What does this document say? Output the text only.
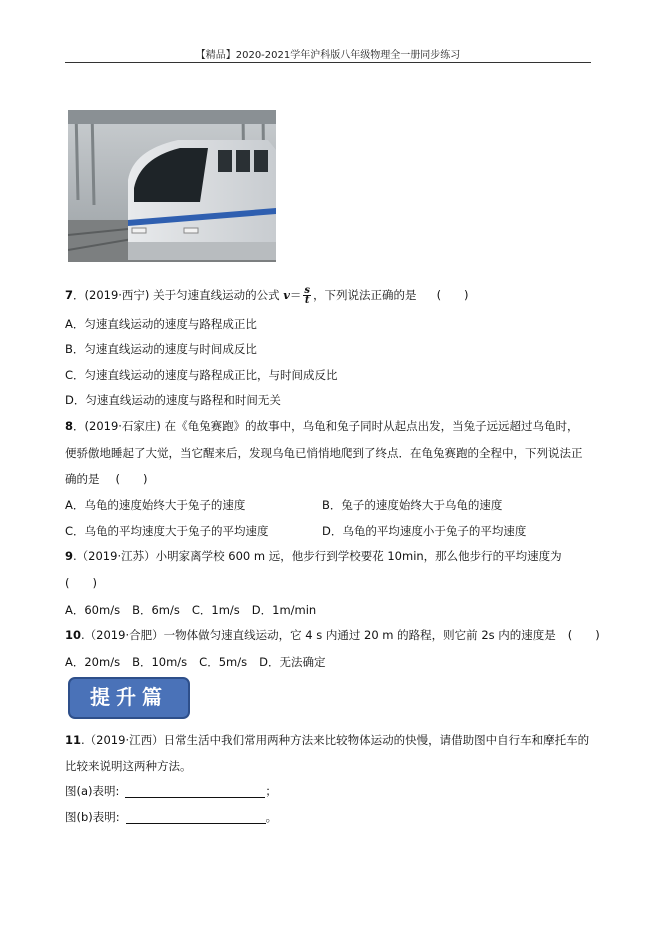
【精品】2020-2021学年沪科版八年级物理全一册同步练习
7．(2019·西宁) 关于匀速直线运动的公式 $v= \frac{s}{t}$ ，下列说法正确的是 (　　)
A．匀速直线运动的速度与路程成正比
B．匀速直线运动的速度与时间成反比
C．匀速直线运动的速度与路程成正比，与时间成反比
D．匀速直线运动的速度与路程和时间无关
8．(2019·石家庄) 在《龟兔赛跑》的故事中，乌龟和兔子同时从起点出发，当兔子远远超过乌龟时，
便骄傲地睡起了大觉，当它醒来后，发现乌龟已悄悄地爬到了终点．在龟兔赛跑的全程中，下列说法正
确的是 (　　)
A．乌龟的速度始终大于兔子的速度	B．兔子的速度始终大于乌龟的速度
C．乌龟的平均速度大于兔子的平均速度	D．乌龟的平均速度小于兔子的平均速度
9.（2019·江苏）小明家离学校 600 m 远，他步行到学校要花 10min，那么他步行的平均速度为
(　　)
A．60m/s B．6m/s C．1m/s D．1m/min
10.（2019·合肥）一物体做匀速直线运动，它 4 s 内通过 20 m 的路程，则它前 2s 内的速度是 (　　)
A．20m/s B．10m/s C．5m/s D．无法确定
提升篇
11.（2019·江西）日常生活中我们常用两种方法来比较物体运动的快慢，请借助图中自行车和摩托车的
比较来说明这两种方法。
图(a)表明:	；
图(b)表明:	。
